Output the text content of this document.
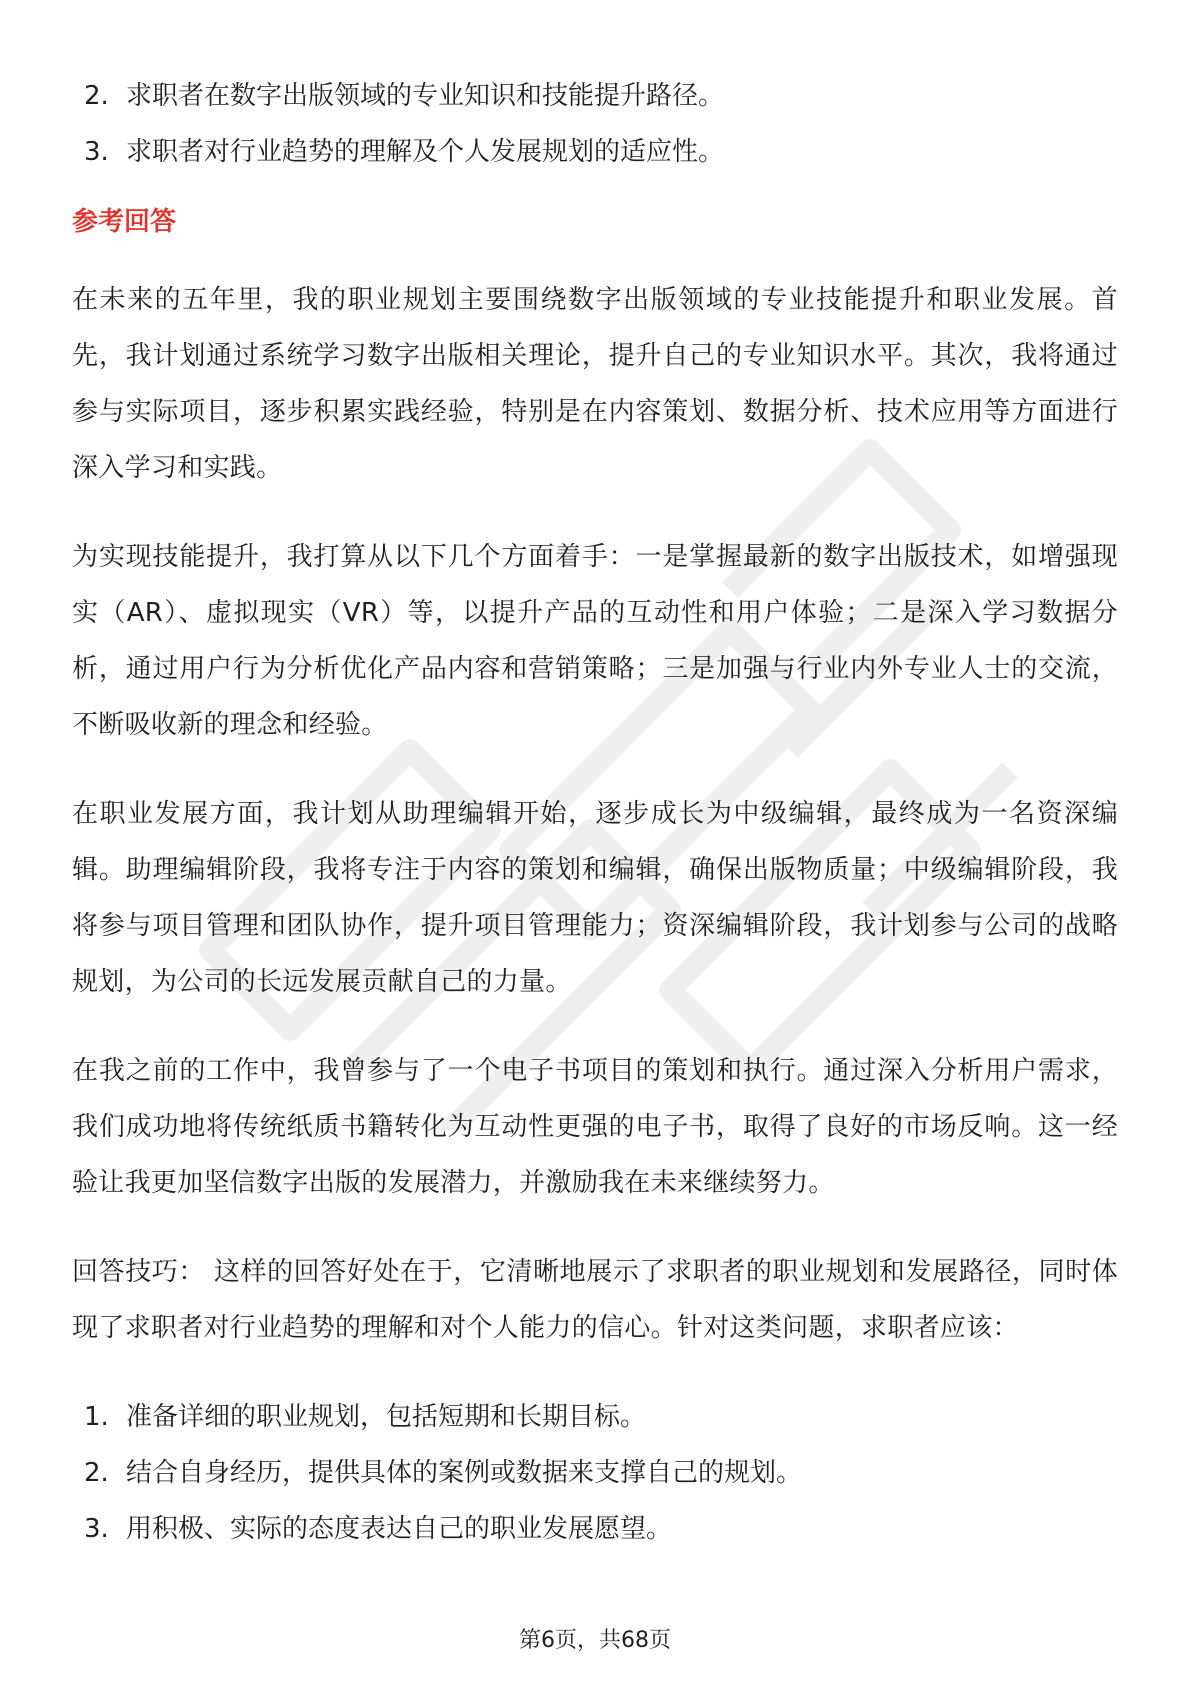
2. 求职者在数字出版领域的专业知识和技能提升路径。
3. 求职者对行业趋势的理解及个人发展规划的适应性。
参考回答

在未来的五年里，我的职业规划主要围绕数字出版领域的专业技能提升和职业发展。首先，我计划通过系统学习数字出版相关理论，提升自己的专业知识水平。其次，我将通过参与实际项目，逐步积累实践经验，特别是在内容策划、数据分析、技术应用等方面进行深入学习和实践。

为实现技能提升，我打算从以下几个方面着手：一是掌握最新的数字出版技术，如增强现实（AR）、虚拟现实（VR）等，以提升产品的互动性和用户体验；二是深入学习数据分析，通过用户行为分析优化产品内容和营销策略；三是加强与行业内外专业人士的交流，不断吸收新的理念和经验。

在职业发展方面，我计划从助理编辑开始，逐步成长为中级编辑，最终成为一名资深编辑。助理编辑阶段，我将专注于内容的策划和编辑，确保出版物质量；中级编辑阶段，我将参与项目管理和团队协作，提升项目管理能力；资深编辑阶段，我计划参与公司的战略规划，为公司的长远发展贡献自己的力量。

在我之前的工作中，我曾参与了一个电子书项目的策划和执行。通过深入分析用户需求，我们成功地将传统纸质书籍转化为互动性更强的电子书，取得了良好的市场反响。这一经验让我更加坚信数字出版的发展潜力，并激励我在未来继续努力。

回答技巧： 这样的回答好处在于，它清晰地展示了求职者的职业规划和发展路径，同时体现了求职者对行业趋势的理解和对个人能力的信心。针对这类问题，求职者应该：

1. 准备详细的职业规划，包括短期和长期目标。
2. 结合自身经历，提供具体的案例或数据来支撑自己的规划。
3. 用积极、实际的态度表达自己的职业发展愿望。
第6页，共68页
